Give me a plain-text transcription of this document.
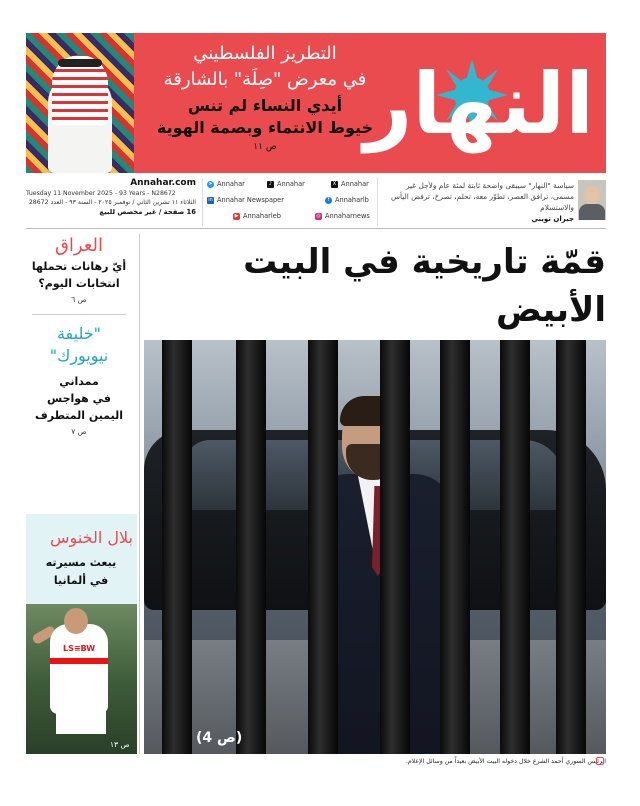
التطريز الفلسطيني
في معرض "صِلَة" بالشارقة
أيدي النساء لم تنس
خيوط الانتماء وبصمة الهوية
ص ١١	النهار
Annahar.com
Tuesday 11 November 2025 - 93 Years - N28672
الثلاثاء ١١ تشرين الثاني / نوفمبر ٢٠٢٥ - السنة ٩٣ - العدد 28672
16 صفحة / غير مخصص للبيع
X Annahar
♪ Annahar
➤ Annahar
f Annaharlb
in Annahar Newspaper
◎ Annaharnews
▶ Annaharleb
سياسة "النهار" سيبقى واضحة ثابتة لمئة عام ولأجل غير مسمى، ترافق العصر، تطوّر معه، تحلم، تصرخ، ترفض اليأس والاستسلام
جبران تويني
العراق
أيّ رهانات تحملها انتخابات اليوم؟
ص ٦
"خليفة
نيويورك"
ممداني
في هواجس
اليمين المتطرف
ص ٧
بلال الخنوس
يبعث مسيرته
في ألمانيا
LS≡BW
ص ١٣
قمّة تاريخية في البيت الأبيض
(ص 4)
الرئيس السوري أحمد الشرع خلال دخوله البيت الأبيض بعيداً من وسائل الإعلام.
